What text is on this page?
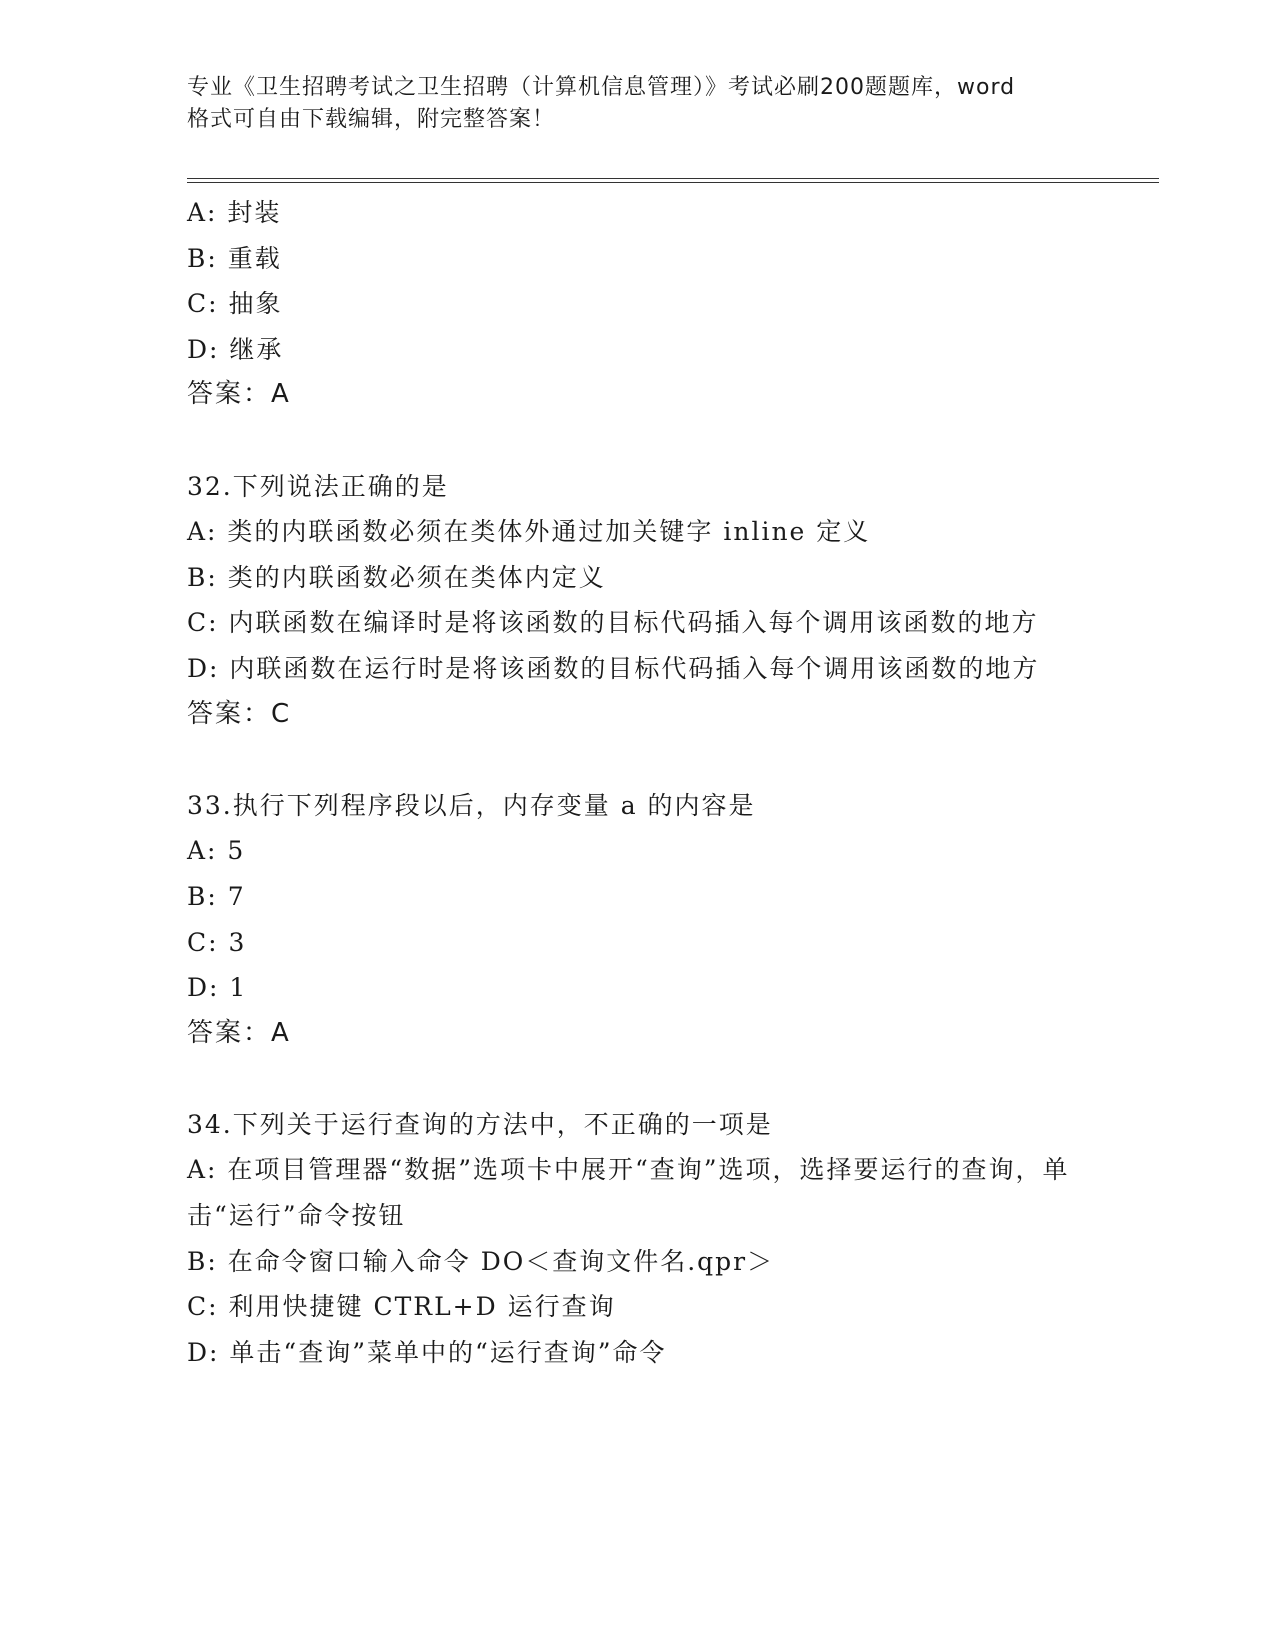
专业《卫生招聘考试之卫生招聘（计算机信息管理）》考试必刷200题题库，word
格式可自由下载编辑，附完整答案！
A: 封装
B: 重载
C: 抽象
D: 继承
答案：A
32.下列说法正确的是
A: 类的内联函数必须在类体外通过加关键字 inline 定义
B: 类的内联函数必须在类体内定义
C: 内联函数在编译时是将该函数的目标代码插入每个调用该函数的地方
D: 内联函数在运行时是将该函数的目标代码插入每个调用该函数的地方
答案：C
33.执行下列程序段以后，内存变量 a 的内容是
A: 5
B: 7
C: 3
D: 1
答案：A
34.下列关于运行查询的方法中，不正确的一项是
A: 在项目管理器“数据”选项卡中展开“查询”选项，选择要运行的查询，单击“运行”命令按钮
B: 在命令窗口输入命令 DO＜查询文件名.qpr＞
C: 利用快捷键 CTRL+D 运行查询
D: 单击“查询”菜单中的“运行查询”命令
